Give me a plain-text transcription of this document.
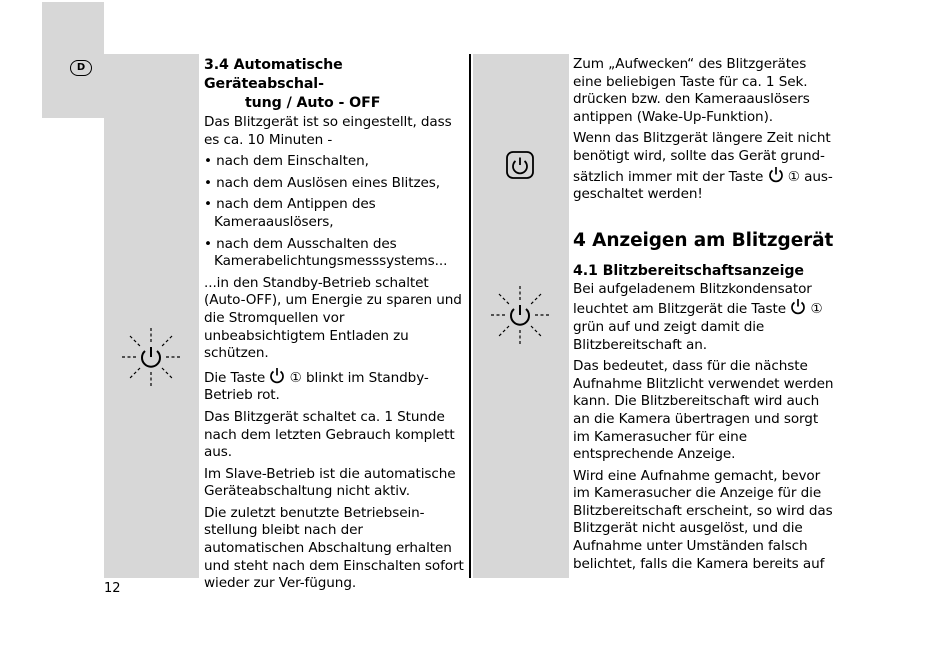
D	3.4 Automatische Geräteabschal-
tung / Auto - OFF

Das Blitzgerät ist so eingestellt, dass es ca. 10 Minuten -

• nach dem Einschalten,

• nach dem Auslösen eines Blitzes,

• nach dem Antippen des Kameraauslösers,

• nach dem Ausschalten des Kamerabelichtungsmesssystems...

...in den Standby-Betrieb schaltet (Auto-OFF), um Energie zu sparen und die Stromquellen vor unbeabsichtigtem Entladen zu schützen.

Die Taste ① blinkt im Standby-Betrieb rot.

Das Blitzgerät schaltet ca. 1 Stunde nach dem letzten Gebrauch komplett aus.

Im Slave-Betrieb ist die automatische Geräteabschaltung nicht aktiv.

Die zuletzt benutzte Betriebsein-stellung bleibt nach der automatischen Abschaltung erhalten und steht nach dem Einschalten sofort wieder zur Ver-fügung.

Zum „Aufwecken“ des Blitzgerätes eine beliebigen Taste für ca. 1 Sek. drücken bzw. den Kameraauslösers antippen (Wake-Up-Funktion).

Wenn das Blitzgerät längere Zeit nicht benötigt wird, sollte das Gerät grund-sätzlich immer mit der Taste ① aus-geschaltet werden!

4 Anzeigen am Blitzgerät
4.1 Blitzbereitschaftsanzeige

Bei aufgeladenem Blitzkondensator leuchtet am Blitzgerät die Taste ① grün auf und zeigt damit die Blitzbereitschaft an.

Das bedeutet, dass für die nächste Aufnahme Blitzlicht verwendet werden kann. Die Blitzbereitschaft wird auch an die Kamera übertragen und sorgt im Kamerasucher für eine entsprechende Anzeige.

Wird eine Aufnahme gemacht, bevor im Kamerasucher die Anzeige für die Blitzbereitschaft erscheint, so wird das Blitzgerät nicht ausgelöst, und die Aufnahme unter Umständen falsch belichtet, falls die Kamera bereits auf

12
